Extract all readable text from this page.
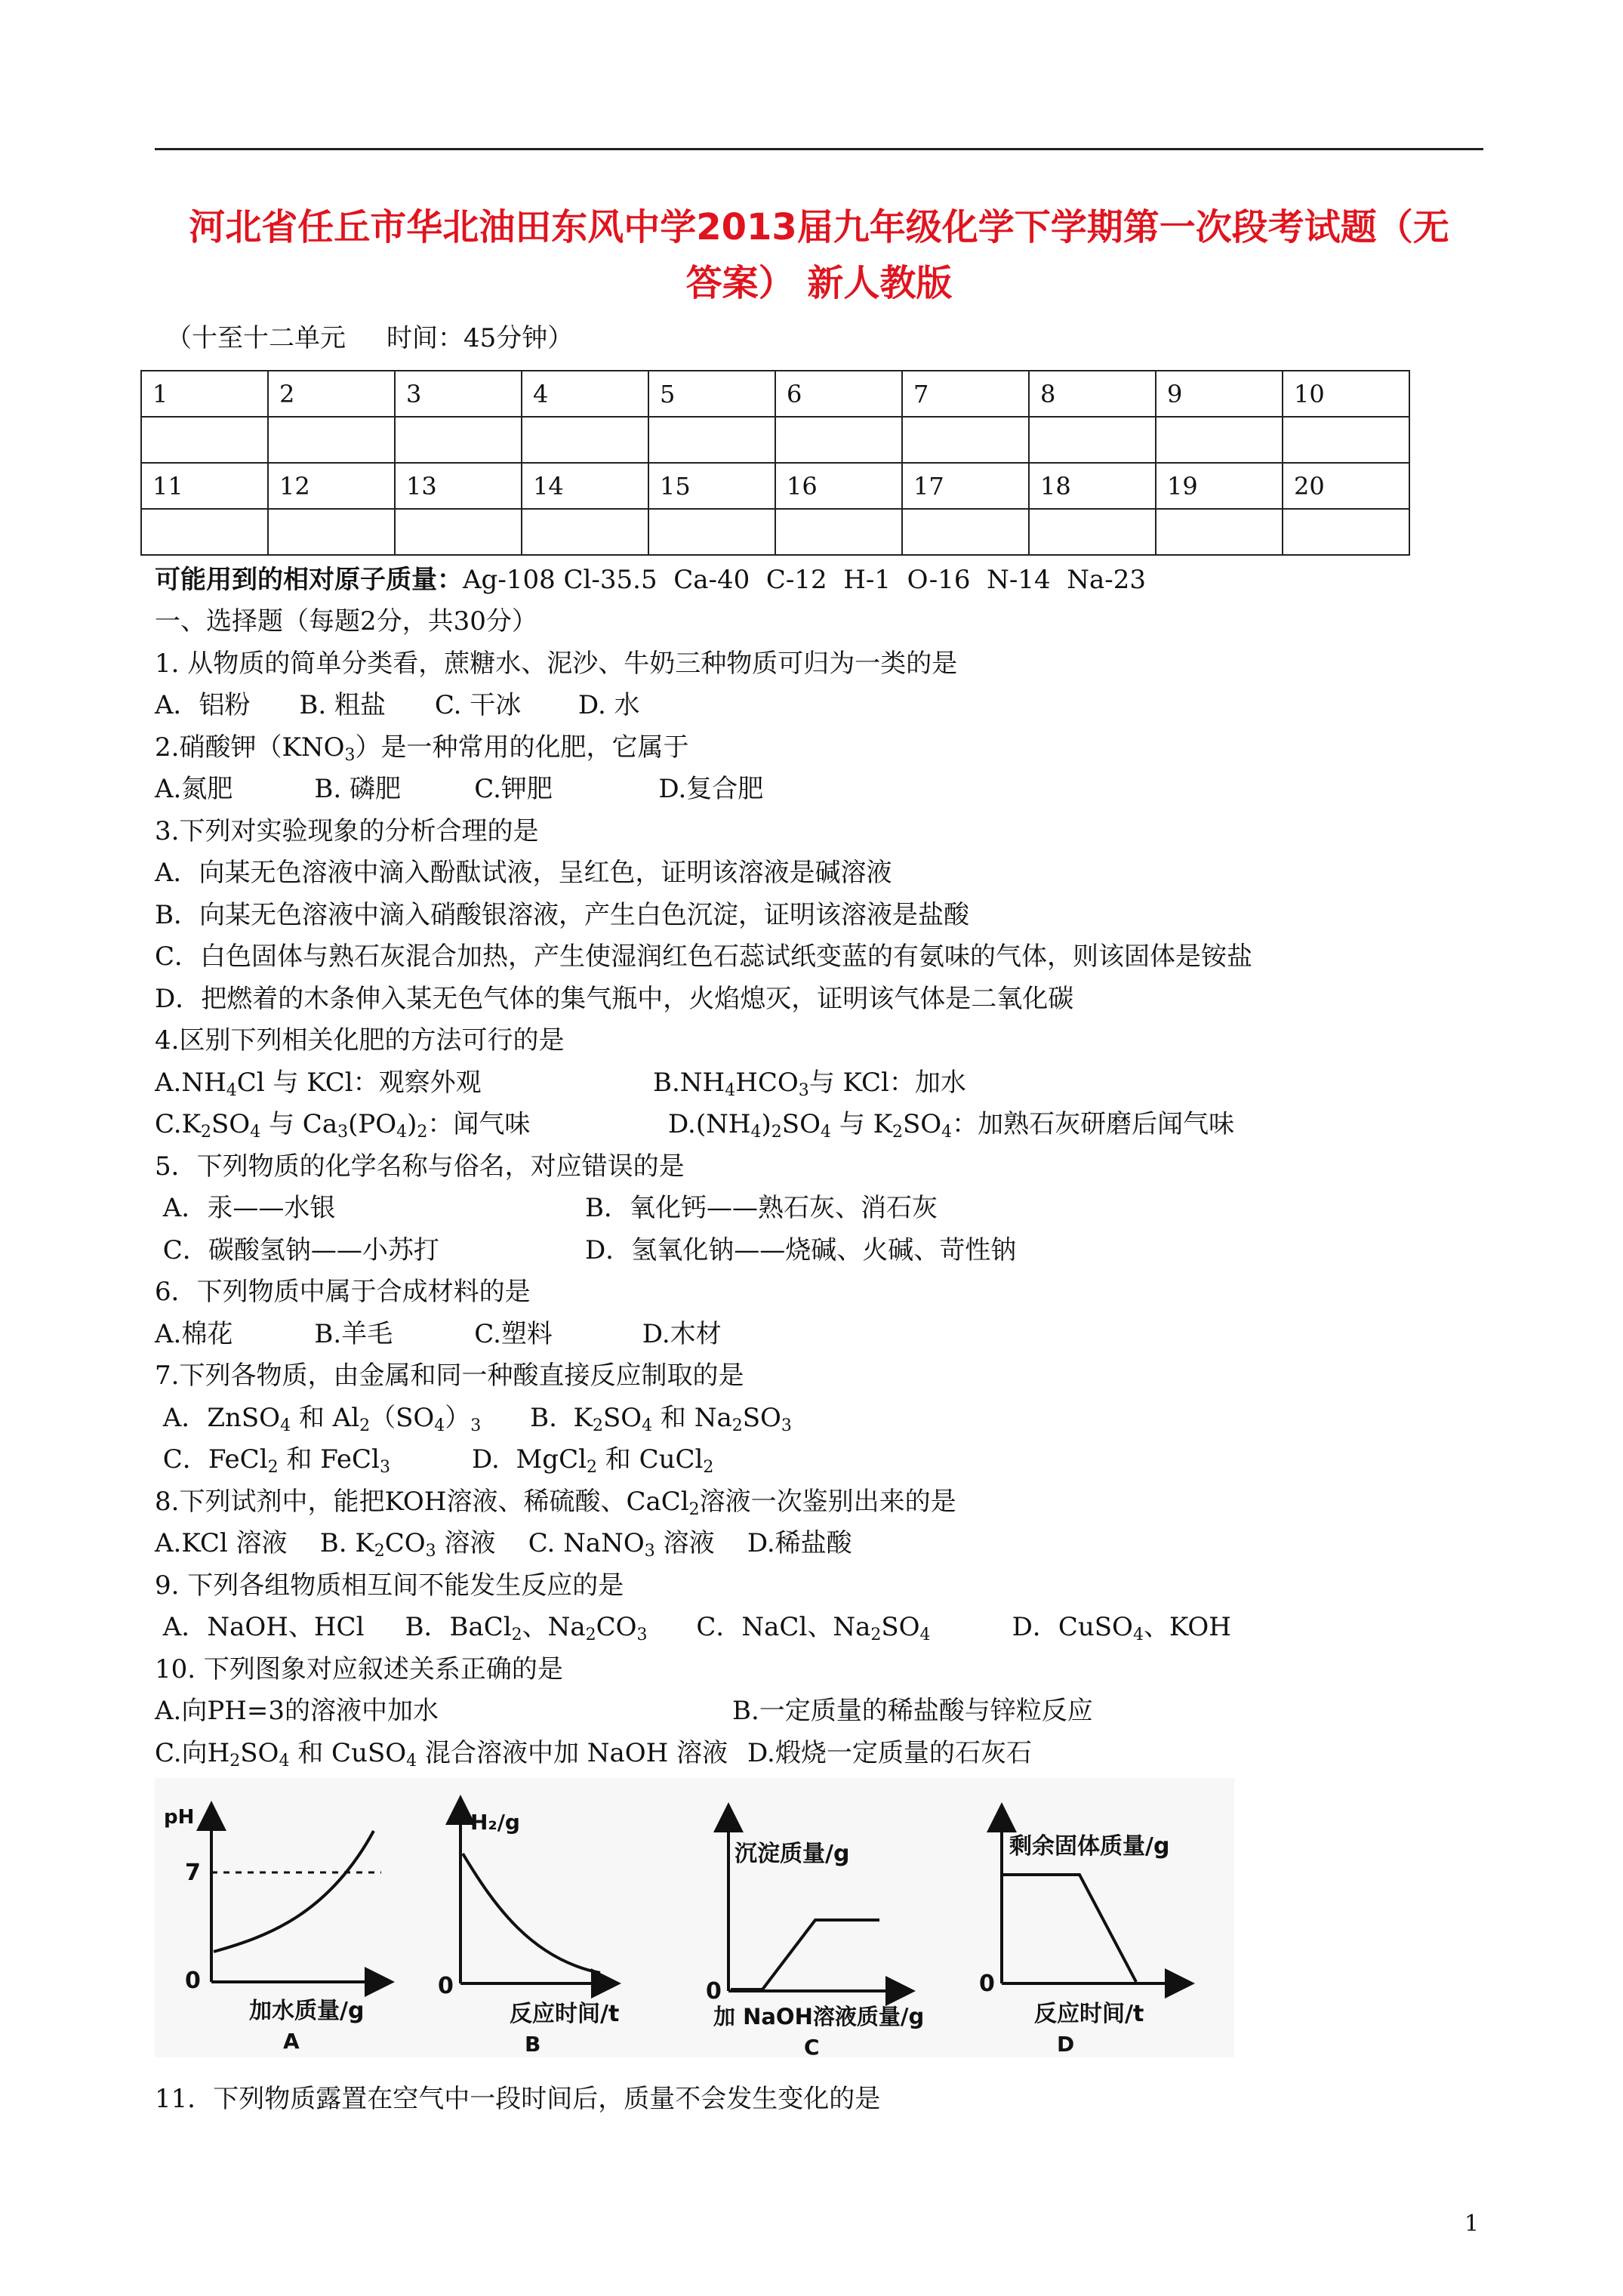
河北省任丘市华北油田东风中学2013届九年级化学下学期第一次段考试题（无
答案） 新人教版
（十至十二单元     时间：45分钟）
1	2	3	4	5	6	7	8	9	10

11	12	13	14	15	16	17	18	19	20

可能用到的相对原子质量：Ag-108 Cl-35.5  Ca-40  C-12  H-1  O-16  N-14  Na-23
一、选择题（每题2分，共30分）
1. 从物质的简单分类看，蔗糖水、泥沙、牛奶三种物质可归为一类的是
A．铝粉      B. 粗盐      C. 干冰       D. 水
2.硝酸钾$(KNO_3)$是一种常用的化肥，它属于
A.氮肥          B. 磷肥         C.钾肥             D.复合肥
3.下列对实验现象的分析合理的是
A．向某无色溶液中滴入酚酞试液，呈红色，证明该溶液是碱溶液
B．向某无色溶液中滴入硝酸银溶液，产生白色沉淀，证明该溶液是盐酸
C．白色固体与熟石灰混合加热，产生使湿润红色石蕊试纸变蓝的有氨味的气体，则该固体是铵盐
D．把燃着的木条伸入某无色气体的集气瓶中，火焰熄灭，证明该气体是二氧化碳
4.区别下列相关化肥的方法可行的是
$A.NH_4Cl$ 与 KCl：观察外观	$B.NH_4HCO_3$与 KCl：加水
$C.K_2SO_4$ 与 $Ca_3(PO_4)_2$：闻气味	$D.(NH_4)_2SO_4$ 与 $K_2SO_4$：加熟石灰研磨后闻气味
5．下列物质的化学名称与俗名，对应错误的是
A．汞——水银	B．氧化钙——熟石灰、消石灰
C．碳酸氢钠——小苏打	D．氢氧化钠——烧碱、火碱、苛性钠
6．下列物质中属于合成材料的是
A.棉花          B.羊毛          C.塑料           D.木材
7.下列各物质，由金属和同一种酸直接反应制取的是
A．ZnSO$_4$ 和 $Al_2(SO_4)_3$      B.  $K_2SO_4$ 和 $Na_2SO_3$
C．FeCl$_2$ 和 FeCl$_3$          D.  MgCl$_2$ 和 CuCl$_2$
8.下列试剂中，能把KOH溶液、稀硫酸、CaCl$_2$溶液一次鉴别出来的是
A.KCl 溶液    B. $K_2CO_3$ 溶液    C. NaNO$_3$ 溶液    D.稀盐酸
9. 下列各组物质相互间不能发生反应的是
A．NaOH、HCl     B．BaCl$_2$、$Na_2CO_3$      C．NaCl、$Na_2SO_4$          D．CuSO$_4$、KOH
10. 下列图象对应叙述关系正确的是
A.向PH=3的溶液中加水	B.一定质量的稀盐酸与锌粒反应
C.向$H_2SO_4$ 和 CuSO$_4$ 混合溶液中加 NaOH 溶液 D.煅烧一定质量的石灰石
pH
7
0
加水质量/g
A
H₂/g
0
反应时间/t
B
沉淀质量/g
0
加 NaOH溶液质量/g
C
剩余固体质量/g
0
反应时间/t
D
11．下列物质露置在空气中一段时间后，质量不会发生变化的是
1
